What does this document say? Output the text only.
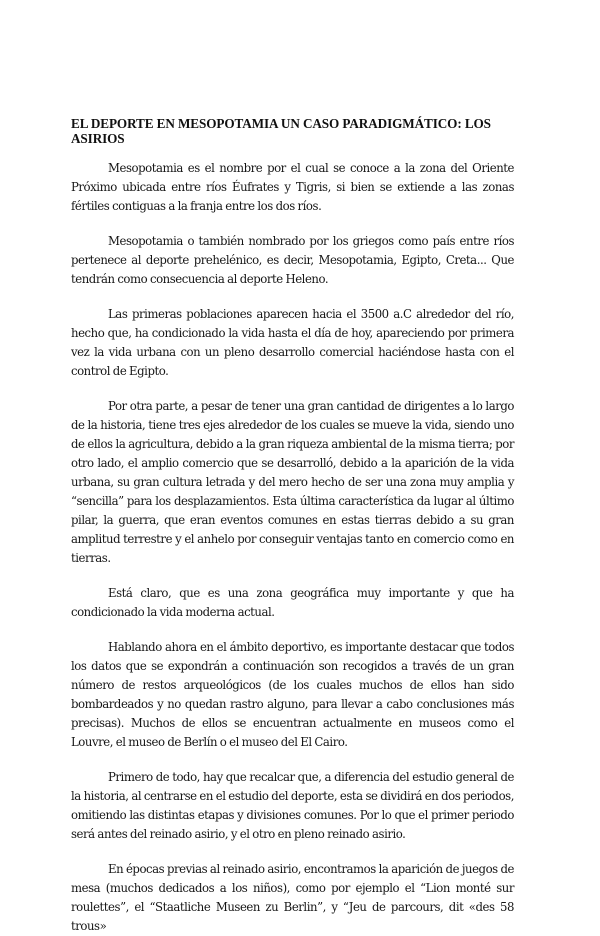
EL DEPORTE EN MESOPOTAMIA UN CASO PARADIGMÁTICO: LOS ASIRIOS

Mesopotamia es el nombre por el cual se conoce a la zona del Oriente Próximo ubicada entre ríos Éufrates y Tigris, si bien se extiende a las zonas fértiles contiguas a la franja entre los dos ríos.

Mesopotamia o también nombrado por los griegos como país entre ríos pertenece al deporte prehelénico, es decir, Mesopotamia, Egipto, Creta... Que tendrán como consecuencia al deporte Heleno.

Las primeras poblaciones aparecen hacia el 3500 a.C alrededor del río, hecho que, ha condicionado la vida hasta el día de hoy, apareciendo por primera vez la vida urbana con un pleno desarrollo comercial haciéndose hasta con el control de Egipto.

Por otra parte, a pesar de tener una gran cantidad de dirigentes a lo largo de la historia, tiene tres ejes alrededor de los cuales se mueve la vida, siendo uno de ellos la agricultura, debido a la gran riqueza ambiental de la misma tierra; por otro lado, el amplio comercio que se desarrolló, debido a la aparición de la vida urbana, su gran cultura letrada y del mero hecho de ser una zona muy amplia y “sencilla” para los desplazamientos. Esta última característica da lugar al último pilar, la guerra, que eran eventos comunes en estas tierras debido a su gran amplitud terrestre y el anhelo por conseguir ventajas tanto en comercio como en tierras.

Está claro, que es una zona geográfica muy importante y que ha condicionado la vida moderna actual.

Hablando ahora en el ámbito deportivo, es importante destacar que todos los datos que se expondrán a continuación son recogidos a través de un gran número de restos arqueológicos (de los cuales muchos de ellos han sido bombardeados y no quedan rastro alguno, para llevar a cabo conclusiones más precisas). Muchos de ellos se encuentran actualmente en museos como el Louvre, el museo de Berlín o el museo del El Cairo.

Primero de todo, hay que recalcar que, a diferencia del estudio general de la historia, al centrarse en el estudio del deporte, esta se dividirá en dos periodos, omitiendo las distintas etapas y divisiones comunes. Por lo que el primer periodo será antes del reinado asirio, y el otro en pleno reinado asirio.

En épocas previas al reinado asirio, encontramos la aparición de juegos de mesa (muchos dedicados a los niños), como por ejemplo el “Lion monté sur roulettes”, el “Staatliche Museen zu Berlin”, y “Jeu de parcours, dit «des 58 trous»
